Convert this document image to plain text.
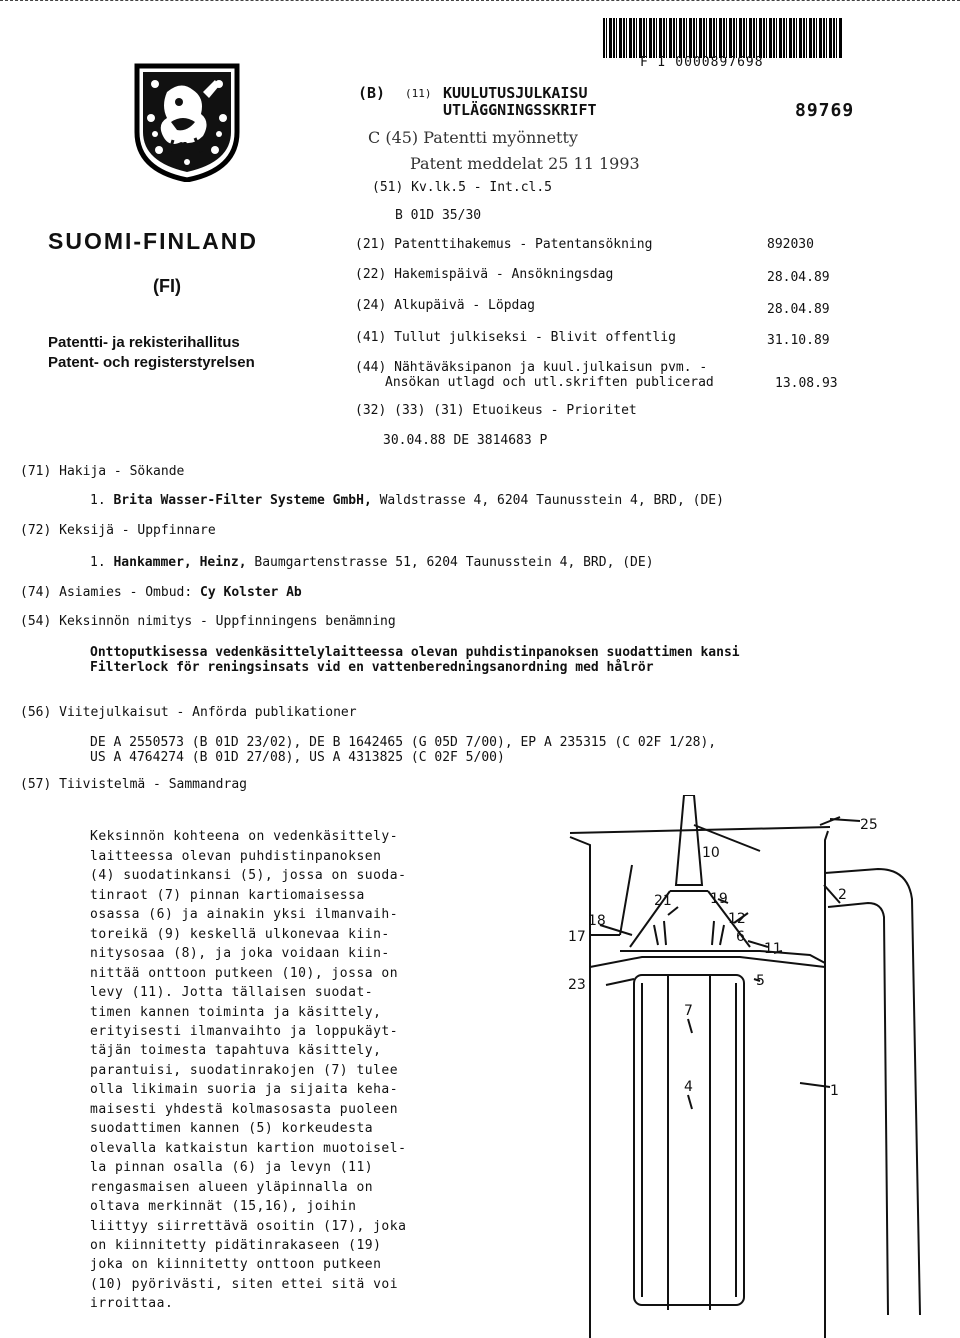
F I 0000897698
SUOMI-FINLAND
(FI)
Patentti- ja rekisterihallitus
Patent- och registerstyrelsen
(B) (11) KUULUTUSJULKAISU
UTLÄGGNINGSSKRIFT	89769
C (45) Patentti myönnetty
Patent meddelat 25 11 1993
(51) Kv.lk.5 - Int.cl.5
B 01D 35/30
(21) Patenttihakemus - Patentansökning	892030
(22) Hakemispäivä - Ansökningsdag	28.04.89
(24) Alkupäivä - Löpdag	28.04.89
(41) Tullut julkiseksi - Blivit offentlig	31.10.89
(44) Nähtäväksipanon ja kuul.julkaisun pvm. -
Ansökan utlagd och utl.skriften publicerad	13.08.93
(32) (33) (31) Etuoikeus - Prioritet
30.04.88 DE 3814683 P
(71) Hakija - Sökande
1. Brita Wasser-Filter Systeme GmbH, Waldstrasse 4, 6204 Taunusstein 4, BRD, (DE)
(72) Keksijä - Uppfinnare
1. Hankammer, Heinz, Baumgartenstrasse 51, 6204 Taunusstein 4, BRD, (DE)
(74) Asiamies - Ombud: Cy Kolster Ab
(54) Keksinnön nimitys - Uppfinningens benämning
Onttoputkisessa vedenkäsittelylaitteessa olevan puhdistinpanoksen suodattimen kansi
Filterlock för reningsinsats vid en vattenberedningsanordning med hålrör
(56) Viitejulkaisut - Anförda publikationer
DE A 2550573 (B 01D 23/02), DE B 1642465 (G 05D 7/00), EP A 235315 (C 02F 1/28),
US A 4764274 (B 01D 27/08), US A 4313825 (C 02F 5/00)
(57) Tiivistelmä - Sammandrag

Keksinnön kohteena on vedenkäsittely-
laitteessa olevan puhdistinpanoksen
(4) suodatinkansi (5), jossa on suoda-
tinraot (7) pinnan kartiomaisessa
osassa (6) ja ainakin yksi ilmanvaih-
toreikä (9) keskellä ulkonevaa kiin-
nitysosaa (8), ja joka voidaan kiin-
nittää onttoon putkeen (10), jossa on
levy (11). Jotta tällaisen suodat-
timen kannen toiminta ja käsittely,
erityisesti ilmanvaihto ja loppukäyt-
täjän toimesta tapahtuva käsittely,
parantuisi, suodatinrakojen (7) tulee
olla likimain suoria ja sijaita keha-
maisesti yhdestä kolmasosasta puoleen
suodattimen kannen (5) korkeudesta
olevalla katkaistun kartion muotoisel-
la pinnan osalla (6) ja levyn (11)
rengasmaisen alueen yläpinnalla on
oltava merkinnät (15,16), joihin
liittyy siirrettävä osoitin (17), joka
on kiinnitetty pidätinrakaseen (19)
joka on kiinnitetty onttoon putkeen
(10) pyörivästi, siten ettei sitä voi
irroittaa.

25
10
2
21	19
18	12
17	6
11
23	5
7
4	1
